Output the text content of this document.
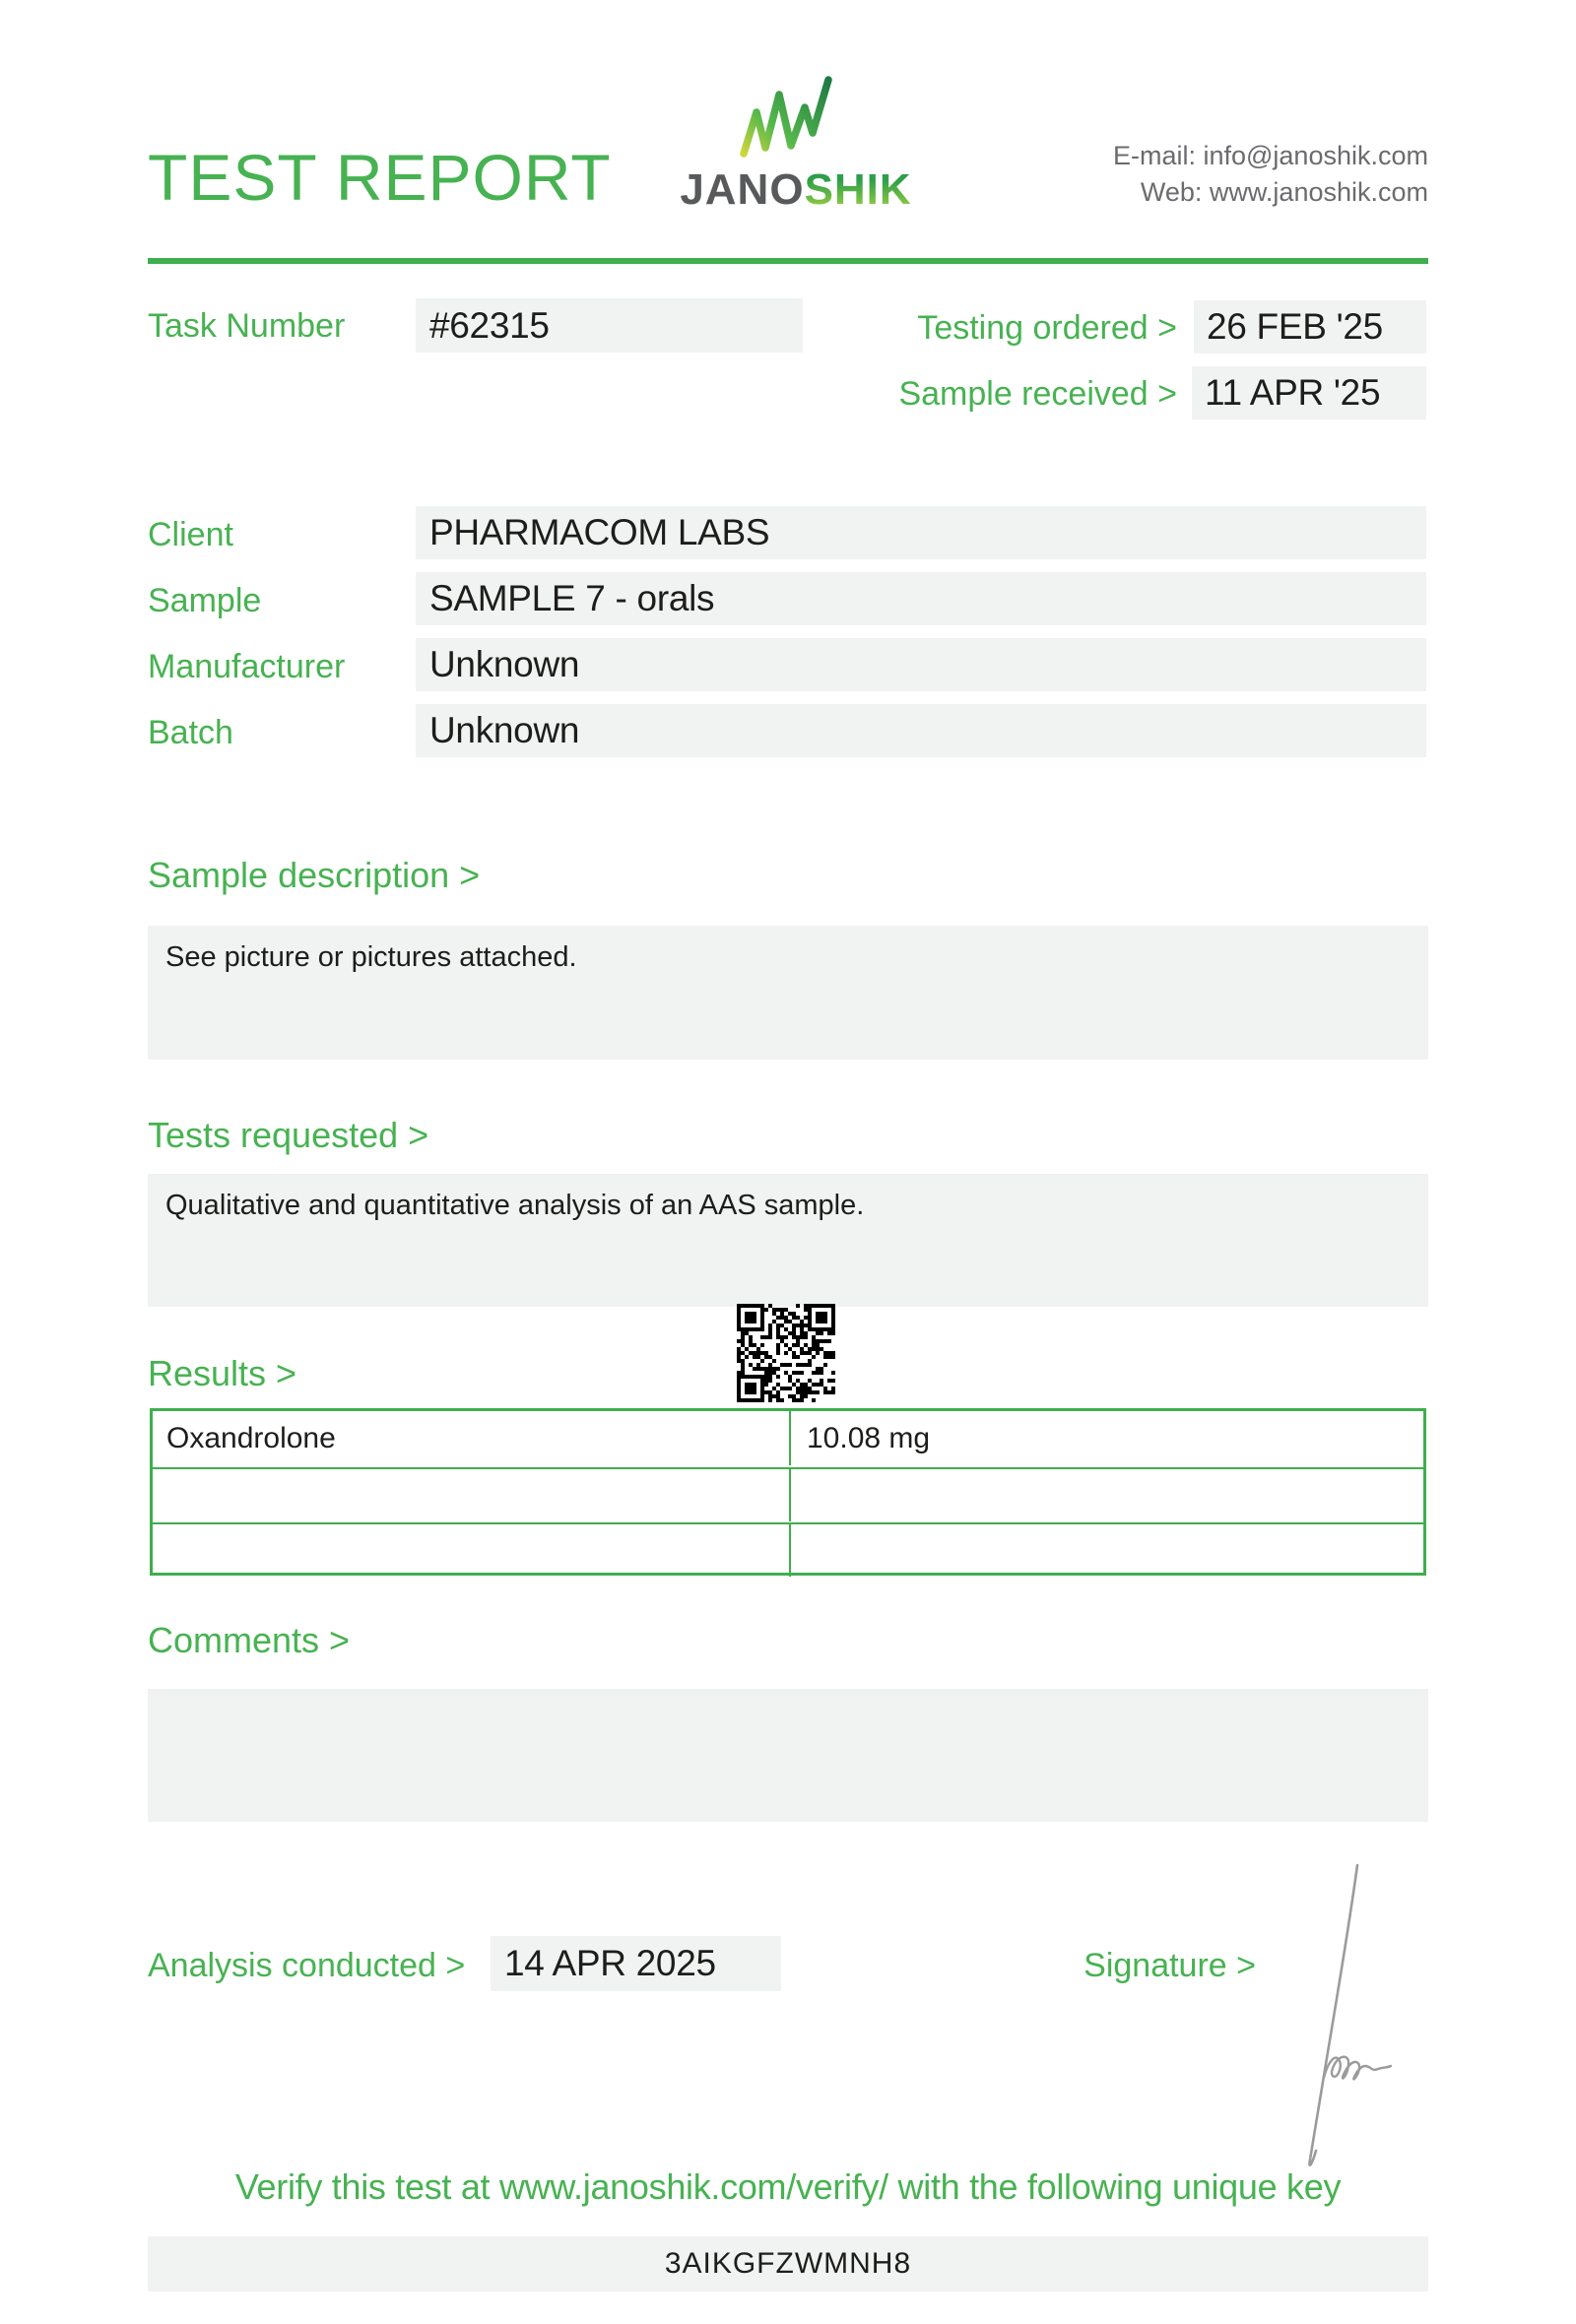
TEST REPORT JANOSHIK
E-mail: info@janoshik.com
Web: www.janoshik.com
Task Number #62315	Testing ordered > 26 FEB '25
Sample received > 11 APR '25
Client	PHARMACOM LABS
Sample	SAMPLE 7 - orals
Manufacturer Unknown
Batch	Unknown
Sample description >
See picture or pictures attached.
Tests requested >
Qualitative and quantitative analysis of an AAS sample.
Results >
Oxandrolone	10.08 mg
Comments >
Analysis conducted > 14 APR 2025	Signature >
Verify this test at www.janoshik.com/verify/ with the following unique key
3AIKGFZWMNH8
